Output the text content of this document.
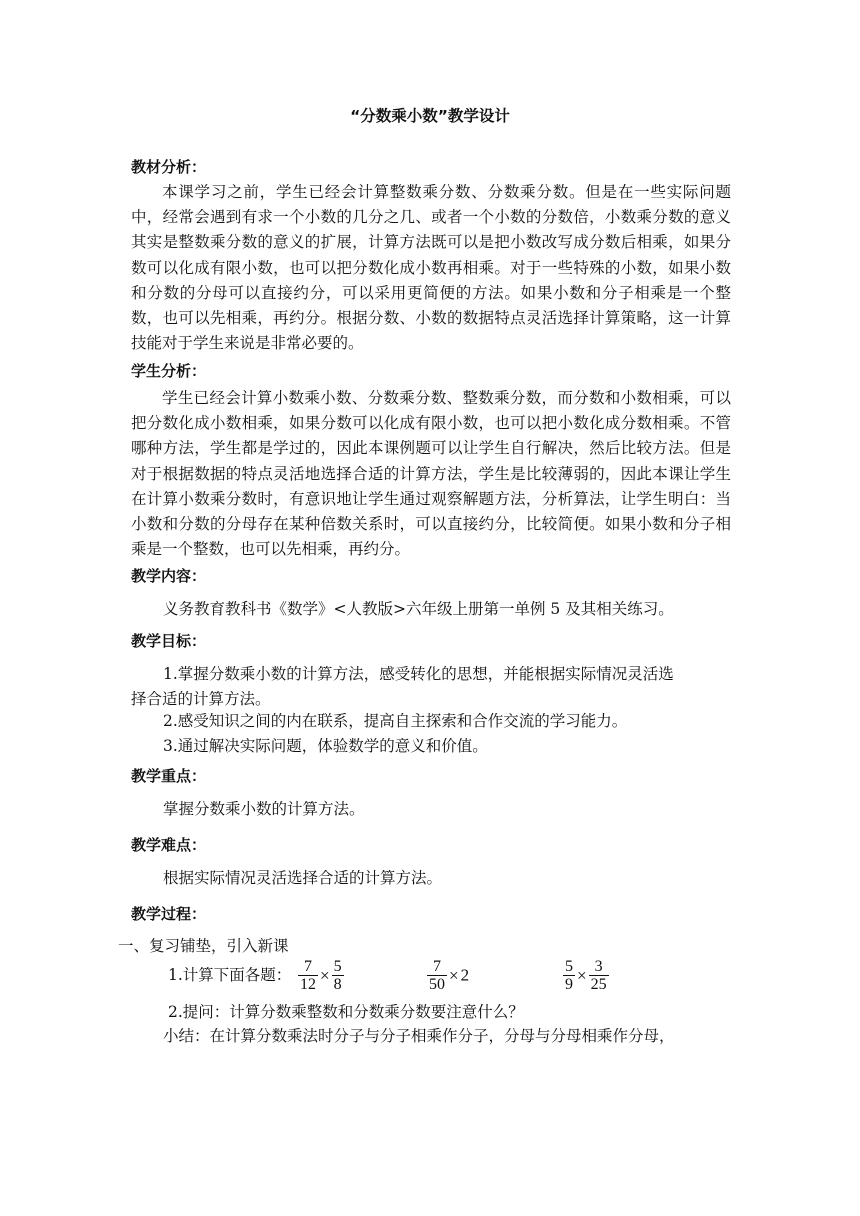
“分数乘小数”教学设计
教材分析：

本课学习之前，学生已经会计算整数乘分数、分数乘分数。但是在一些实际问题中，经常会遇到有求一个小数的几分之几、或者一个小数的分数倍，小数乘分数的意义其实是整数乘分数的意义的扩展，计算方法既可以是把小数改写成分数后相乘，如果分数可以化成有限小数，也可以把分数化成小数再相乘。对于一些特殊的小数，如果小数和分数的分母可以直接约分，可以采用更简便的方法。如果小数和分子相乘是一个整数，也可以先相乘，再约分。根据分数、小数的数据特点灵活选择计算策略，这一计算技能对于学生来说是非常必要的。

学生分析：

学生已经会计算小数乘小数、分数乘分数、整数乘分数，而分数和小数相乘，可以把分数化成小数相乘，如果分数可以化成有限小数，也可以把小数化成分数相乘。不管哪种方法，学生都是学过的，因此本课例题可以让学生自行解决，然后比较方法。但是对于根据数据的特点灵活地选择合适的计算方法，学生是比较薄弱的，因此本课让学生在计算小数乘分数时，有意识地让学生通过观察解题方法，分析算法，让学生明白：当小数和分数的分母存在某种倍数关系时，可以直接约分，比较简便。如果小数和分子相乘是一个整数，也可以先相乘，再约分。

教学内容：
义务教育教科书《数学》<人教版>六年级上册第一单例 5 及其相关练习。
教学目标：
1.掌握分数乘小数的计算方法，感受转化的思想，并能根据实际情况灵活选
择合适的计算方法。
2.感受知识之间的内在联系，提高自主探索和合作交流的学习能力。
3.通过解决实际问题，体验数学的意义和价值。
教学重点：
掌握分数乘小数的计算方法。
教学难点：
根据实际情况灵活选择合适的计算方法。
教学过程：
一、复习铺垫，引入新课
1.计算下面各题： $\frac{7}{12} \times \frac{5}{8}$	$\frac{7}{50} \times 2$	$\frac{5}{9} \times \frac{3}{25}$
2.提问：计算分数乘整数和分数乘分数要注意什么？
小结：在计算分数乘法时分子与分子相乘作分子，分母与分母相乘作分母，
